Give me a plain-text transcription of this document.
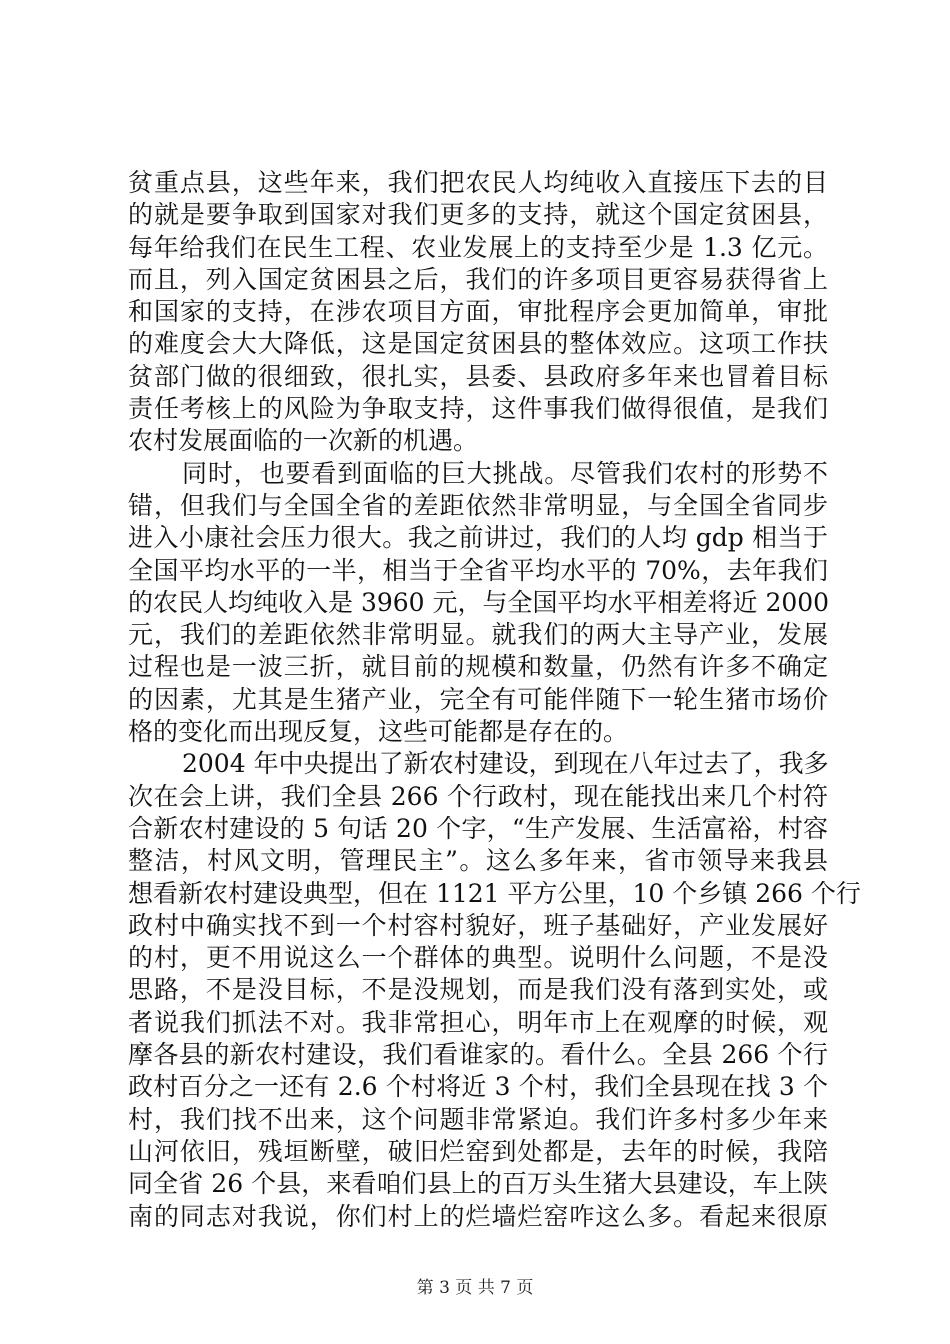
贫重点县，这些年来，我们把农民人均纯收入直接压下去的目
的就是要争取到国家对我们更多的支持，就这个国定贫困县，
每年给我们在民生工程、农业发展上的支持至少是 1.3 亿元。
而且，列入国定贫困县之后，我们的许多项目更容易获得省上
和国家的支持，在涉农项目方面，审批程序会更加简单，审批
的难度会大大降低，这是国定贫困县的整体效应。这项工作扶
贫部门做的很细致，很扎实，县委、县政府多年来也冒着目标
责任考核上的风险为争取支持，这件事我们做得很值，是我们
农村发展面临的一次新的机遇。
同时，也要看到面临的巨大挑战。尽管我们农村的形势不
错，但我们与全国全省的差距依然非常明显，与全国全省同步
进入小康社会压力很大。我之前讲过，我们的人均 gdp 相当于
全国平均水平的一半，相当于全省平均水平的 70%，去年我们
的农民人均纯收入是 3960 元，与全国平均水平相差将近 2000
元，我们的差距依然非常明显。就我们的两大主导产业，发展
过程也是一波三折，就目前的规模和数量，仍然有许多不确定
的因素，尤其是生猪产业，完全有可能伴随下一轮生猪市场价
格的变化而出现反复，这些可能都是存在的。
2004 年中央提出了新农村建设，到现在八年过去了，我多
次在会上讲，我们全县 266 个行政村，现在能找出来几个村符
合新农村建设的 5 句话 20 个字，“生产发展、生活富裕，村容
整洁，村风文明，管理民主”。这么多年来，省市领导来我县
想看新农村建设典型，但在 1121 平方公里，10 个乡镇 266 个行
政村中确实找不到一个村容村貌好，班子基础好，产业发展好
的村，更不用说这么一个群体的典型。说明什么问题，不是没
思路，不是没目标，不是没规划，而是我们没有落到实处，或
者说我们抓法不对。我非常担心，明年市上在观摩的时候，观
摩各县的新农村建设，我们看谁家的。看什么。全县 266 个行
政村百分之一还有 2.6 个村将近 3 个村，我们全县现在找 3 个
村，我们找不出来，这个问题非常紧迫。我们许多村多少年来
山河依旧，残垣断壁，破旧烂窑到处都是，去年的时候，我陪
同全省 26 个县，来看咱们县上的百万头生猪大县建设，车上陕
南的同志对我说，你们村上的烂墙烂窑咋这么多。看起来很原
第 3 页 共 7 页
